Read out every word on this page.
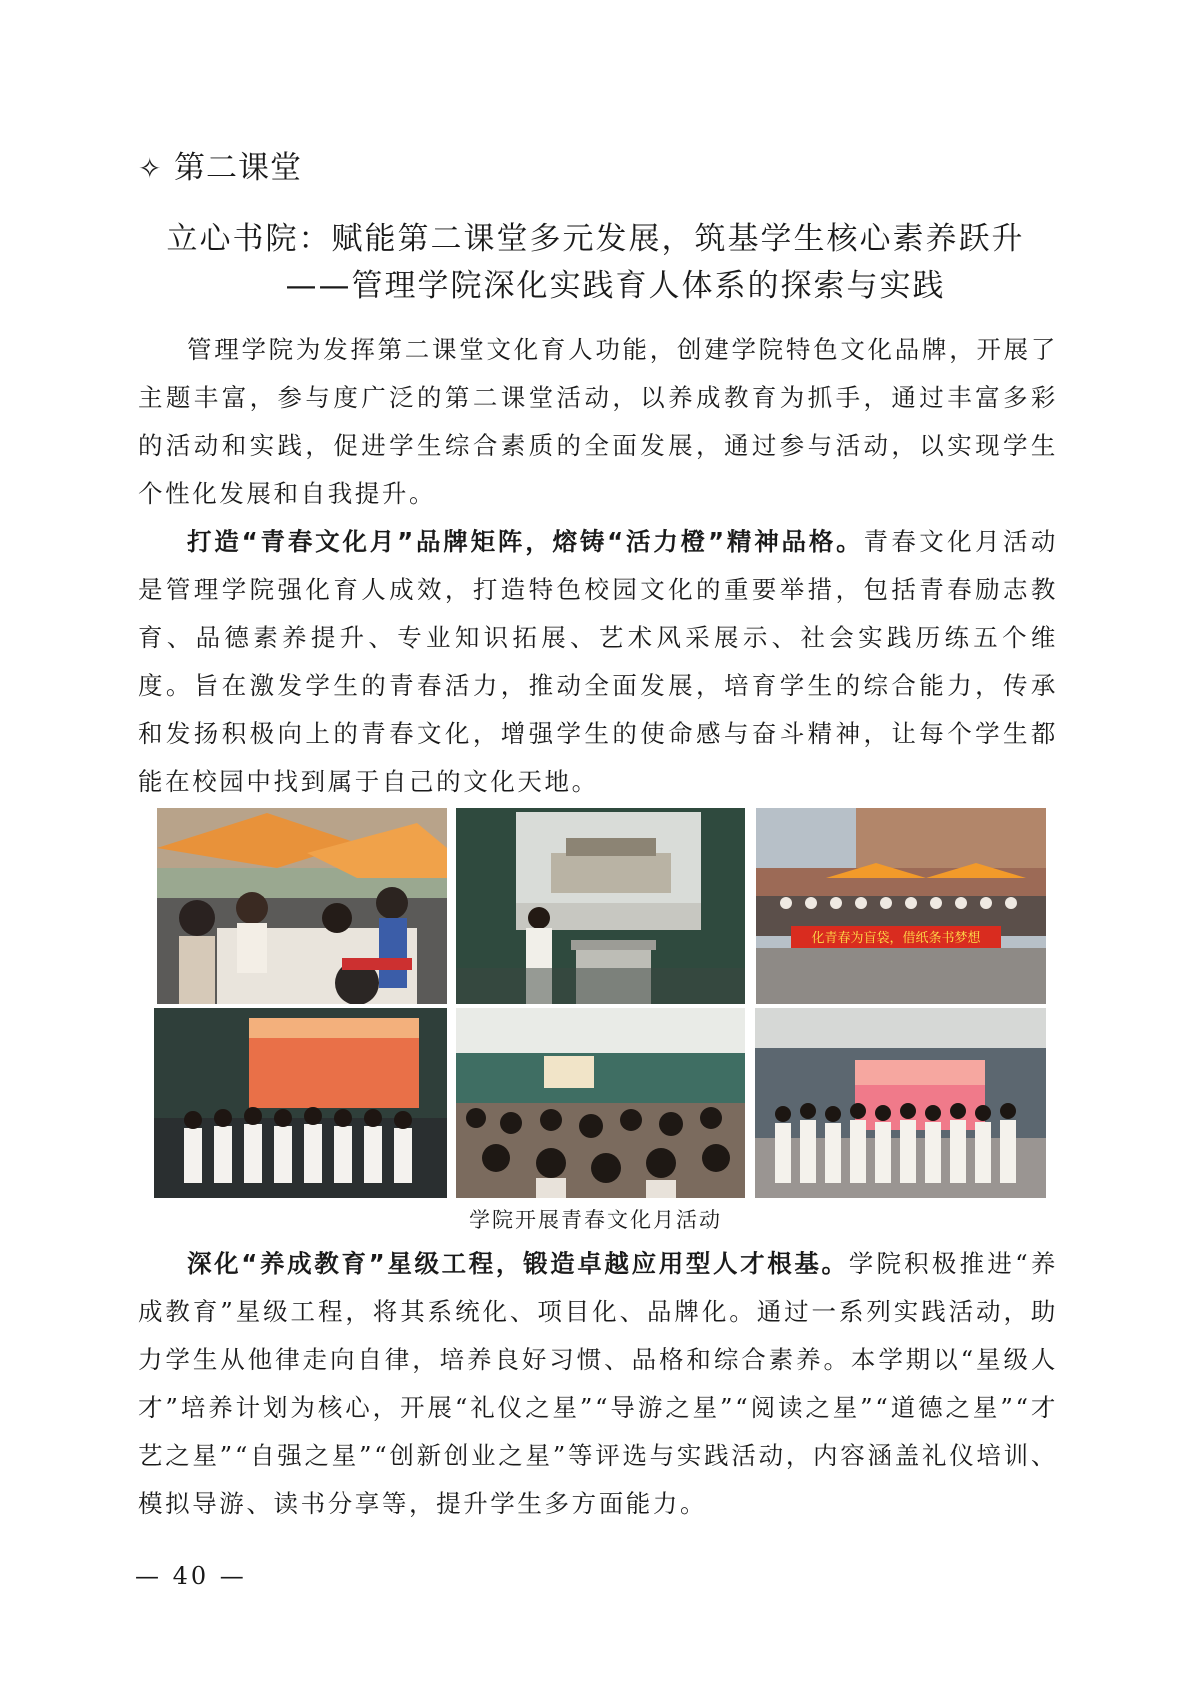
✧ 第二课堂
立心书院：赋能第二课堂多元发展，筑基学生核心素养跃升
——管理学院深化实践育人体系的探索与实践

管理学院为发挥第二课堂文化育人功能，创建学院特色文化品牌，开展了主题丰富，参与度广泛的第二课堂活动，以养成教育为抓手，通过丰富多彩的活动和实践，促进学生综合素质的全面发展，通过参与活动，以实现学生个性化发展和自我提升。

打造“青春文化月”品牌矩阵，熔铸“活力橙”精神品格。青春文化月活动是管理学院强化育人成效，打造特色校园文化的重要举措，包括青春励志教育、品德素养提升、专业知识拓展、艺术风采展示、社会实践历练五个维度。旨在激发学生的青春活力，推动全面发展，培育学生的综合能力，传承和发扬积极向上的青春文化，增强学生的使命感与奋斗精神，让每个学生都能在校园中找到属于自己的文化天地。

化青春为盲袋，借纸条书梦想
学院开展青春文化月活动

深化“养成教育”星级工程，锻造卓越应用型人才根基。学院积极推进“养成教育”星级工程，将其系统化、项目化、品牌化。通过一系列实践活动，助力学生从他律走向自律，培养良好习惯、品格和综合素养。本学期以“星级人才”培养计划为核心，开展“礼仪之星”“导游之星”“阅读之星”“道德之星”“才艺之星”“自强之星”“创新创业之星”等评选与实践活动，内容涵盖礼仪培训、模拟导游、读书分享等，提升学生多方面能力。

— 40 —
